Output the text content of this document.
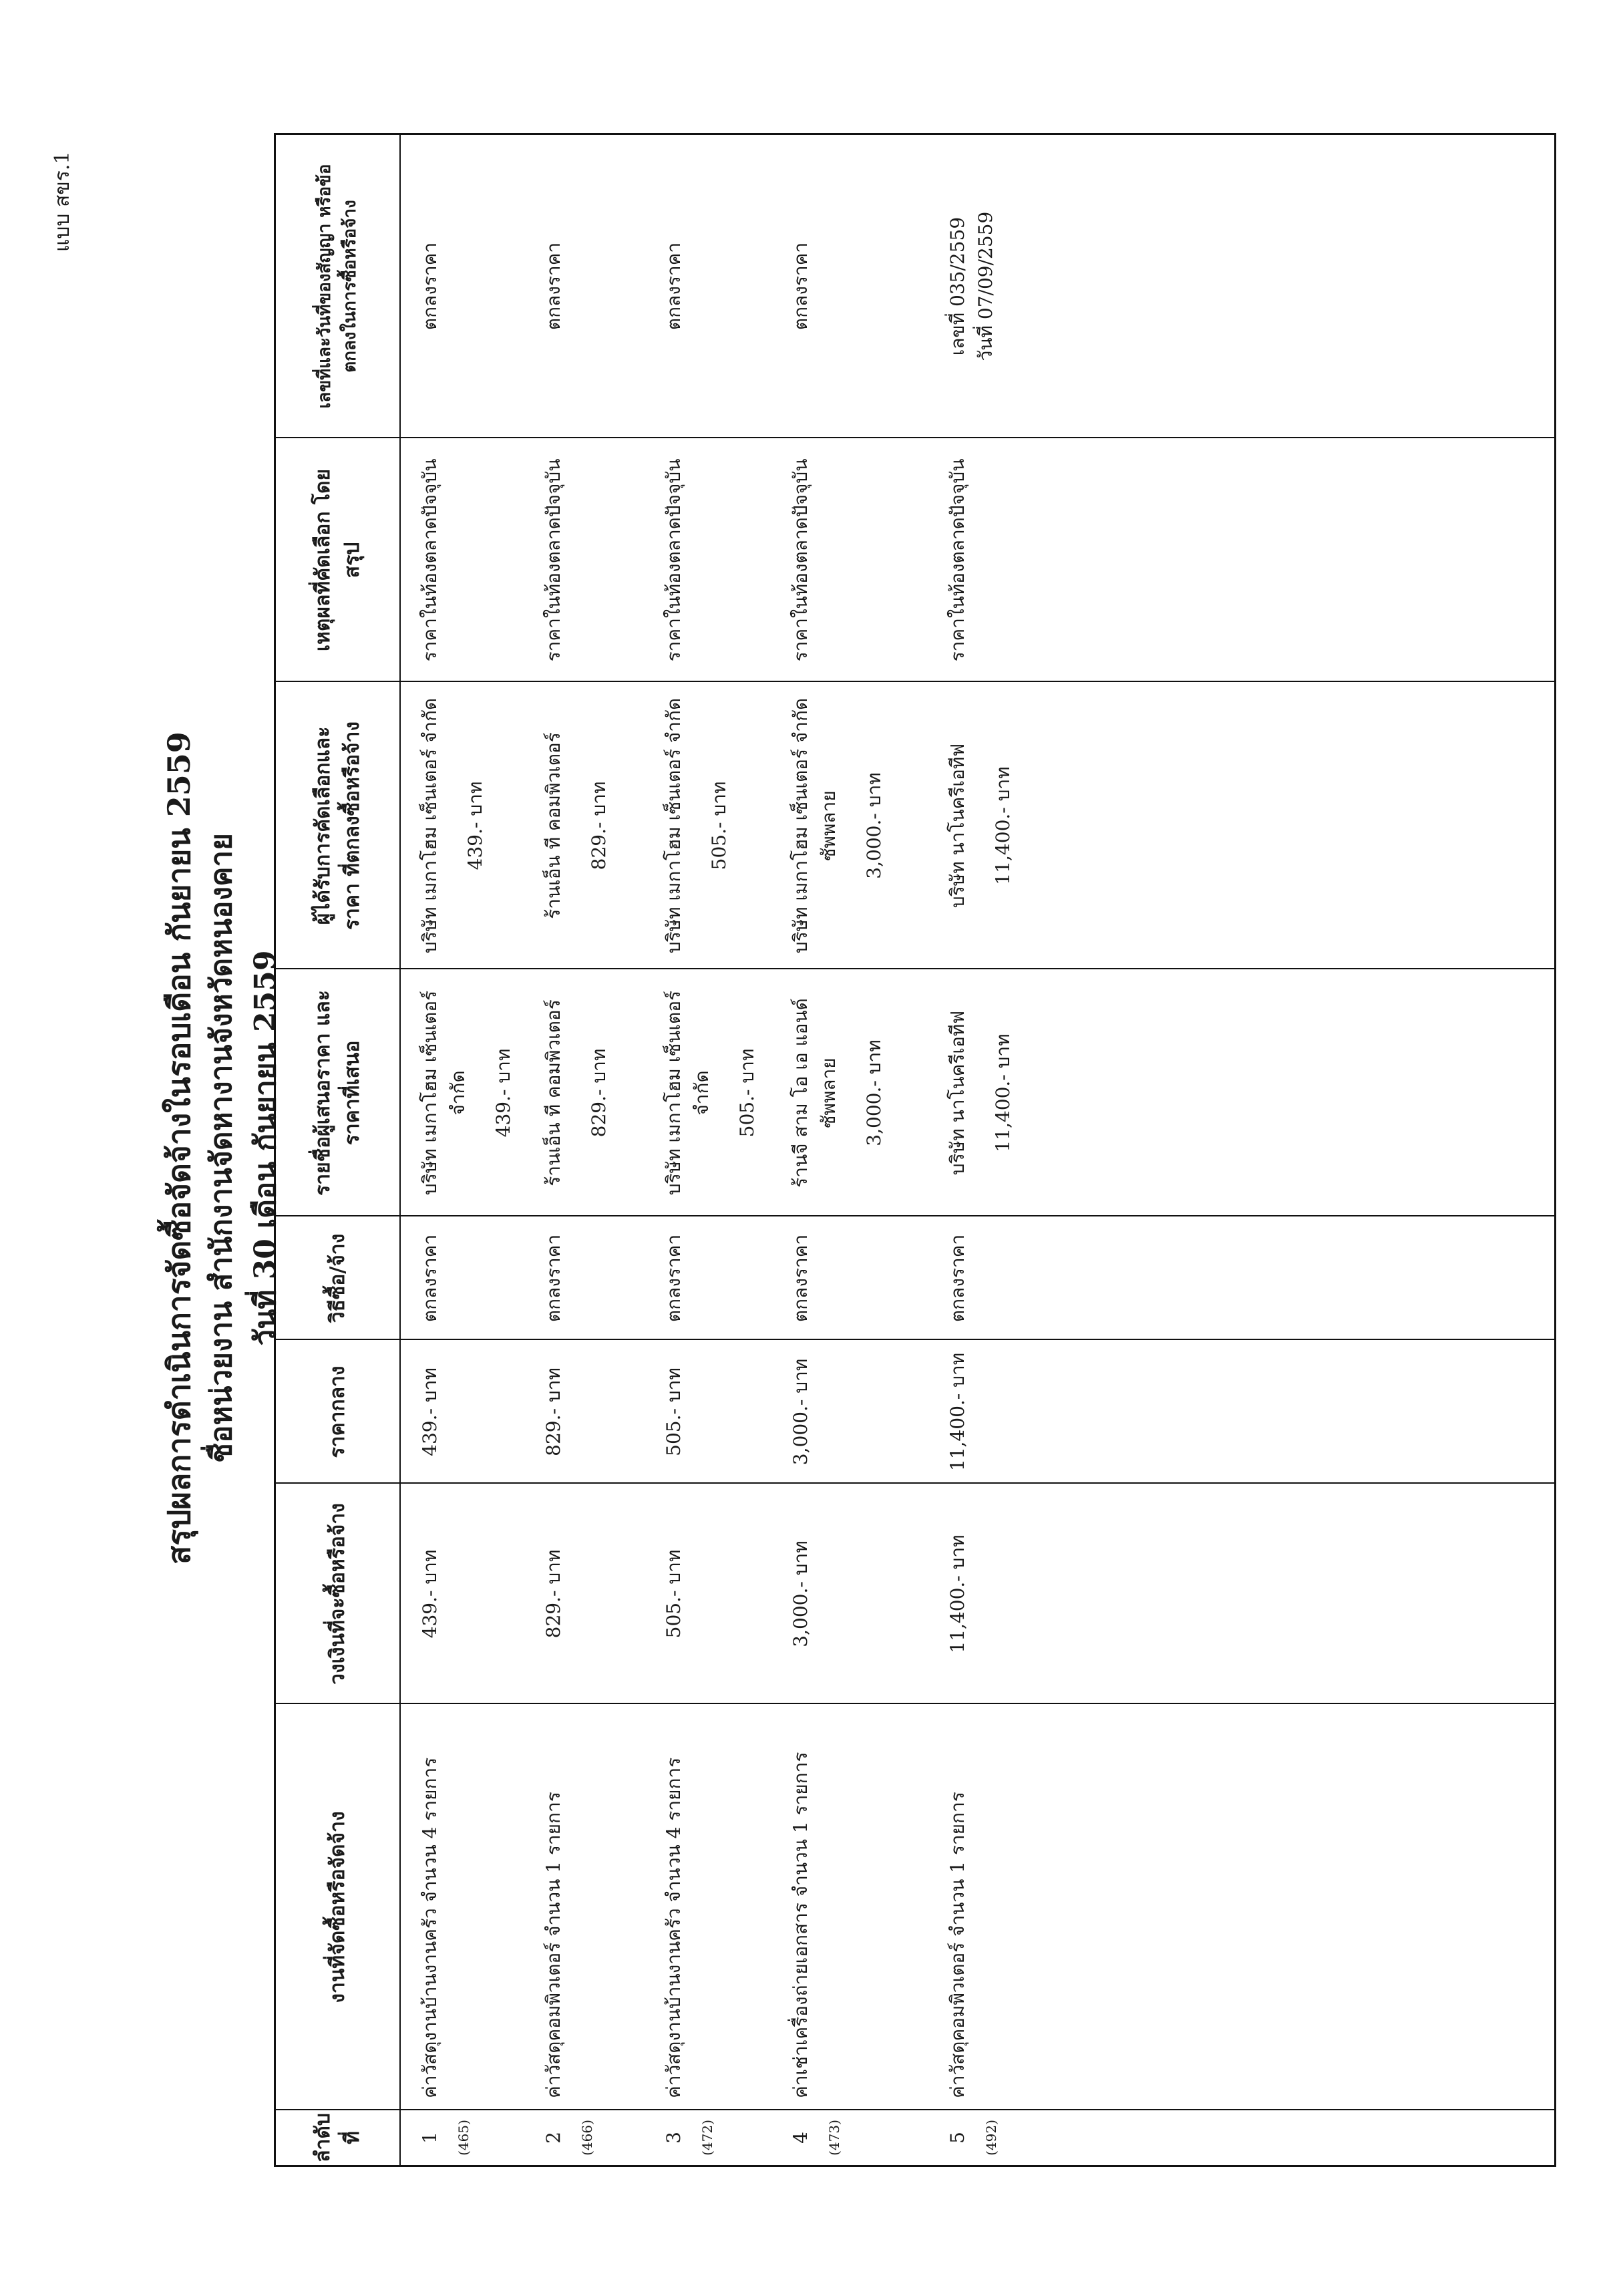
แบบ สขร.1
สรุปผลการดำเนินการจัดซื้อจัดจ้างในรอบเดือน กันยายน 2559 ชื่อหน่วยงาน สำนักงานจัดหางานจังหวัดหนองคาย วันที่ 30 เดือน กันยายน 2559
ลำดับที่
งานที่จัดซื้อหรือจัดจ้าง
วงเงินที่จะซื้อหรือจ้าง
ราคากลาง
วิธีซื้อ/จ้าง
รายชื่อผู้เสนอราคา และราคาที่เสนอ
ผู้ได้รับการคัดเลือกและราคา ที่ตกลงซื้อหรือจ้าง
เหตุผลที่คัดเลือก โดยสรุป
เลขที่และวันที่ของสัญญา หรือข้อตกลงในการซื้อหรือจ้าง
1 (465)
ค่าวัสดุงานบ้านงานครัว จำนวน 4 รายการ
439.- บาท
439.- บาท
ตกลงราคา
บริษัท เมกาโฮม เซ็นเตอร์ จำกัด 439.- บาท
บริษัท เมกาโฮม เซ็นเตอร์ จำกัด 439.- บาท
ราคาในท้องตลาดปัจจุบัน
ตกลงราคา
2 (466)
ค่าวัสดุคอมพิวเตอร์ จำนวน 1 รายการ
829.- บาท
829.- บาท
ตกลงราคา
ร้านเอ็น ที คอมพิวเตอร์ 829.- บาท
ร้านเอ็น ที คอมพิวเตอร์ 829.- บาท
ราคาในท้องตลาดปัจจุบัน
ตกลงราคา
3 (472)
ค่าวัสดุงานบ้านงานครัว จำนวน 4 รายการ
505.- บาท
505.- บาท
ตกลงราคา
บริษัท เมกาโฮม เซ็นเตอร์ จำกัด 505.- บาท
บริษัท เมกาโฮม เซ็นเตอร์ จำกัด 505.- บาท
ราคาในท้องตลาดปัจจุบัน
ตกลงราคา
4 (473)
ค่าเช่าเครื่องถ่ายเอกสาร จำนวน 1 รายการ
3,000.- บาท
3,000.- บาท
ตกลงราคา
ร้านจี สาม โอ เอ แอนด์ ซัพพลาย 3,000.- บาท
บริษัท เมกาโฮม เซ็นเตอร์ จำกัด ซัพพลาย 3,000.- บาท
ราคาในท้องตลาดปัจจุบัน
ตกลงราคา
5 (492)
ค่าวัสดุคอมพิวเตอร์ จำนวน 1 รายการ
11,400.- บาท
11,400.- บาท
ตกลงราคา
บริษัท นาโนครีเอทีฟ 11,400.- บาท
บริษัท นาโนครีเอทีฟ 11,400.- บาท
ราคาในท้องตลาดปัจจุบัน
เลขที่ 035/2559 วันที่ 07/09/2559
